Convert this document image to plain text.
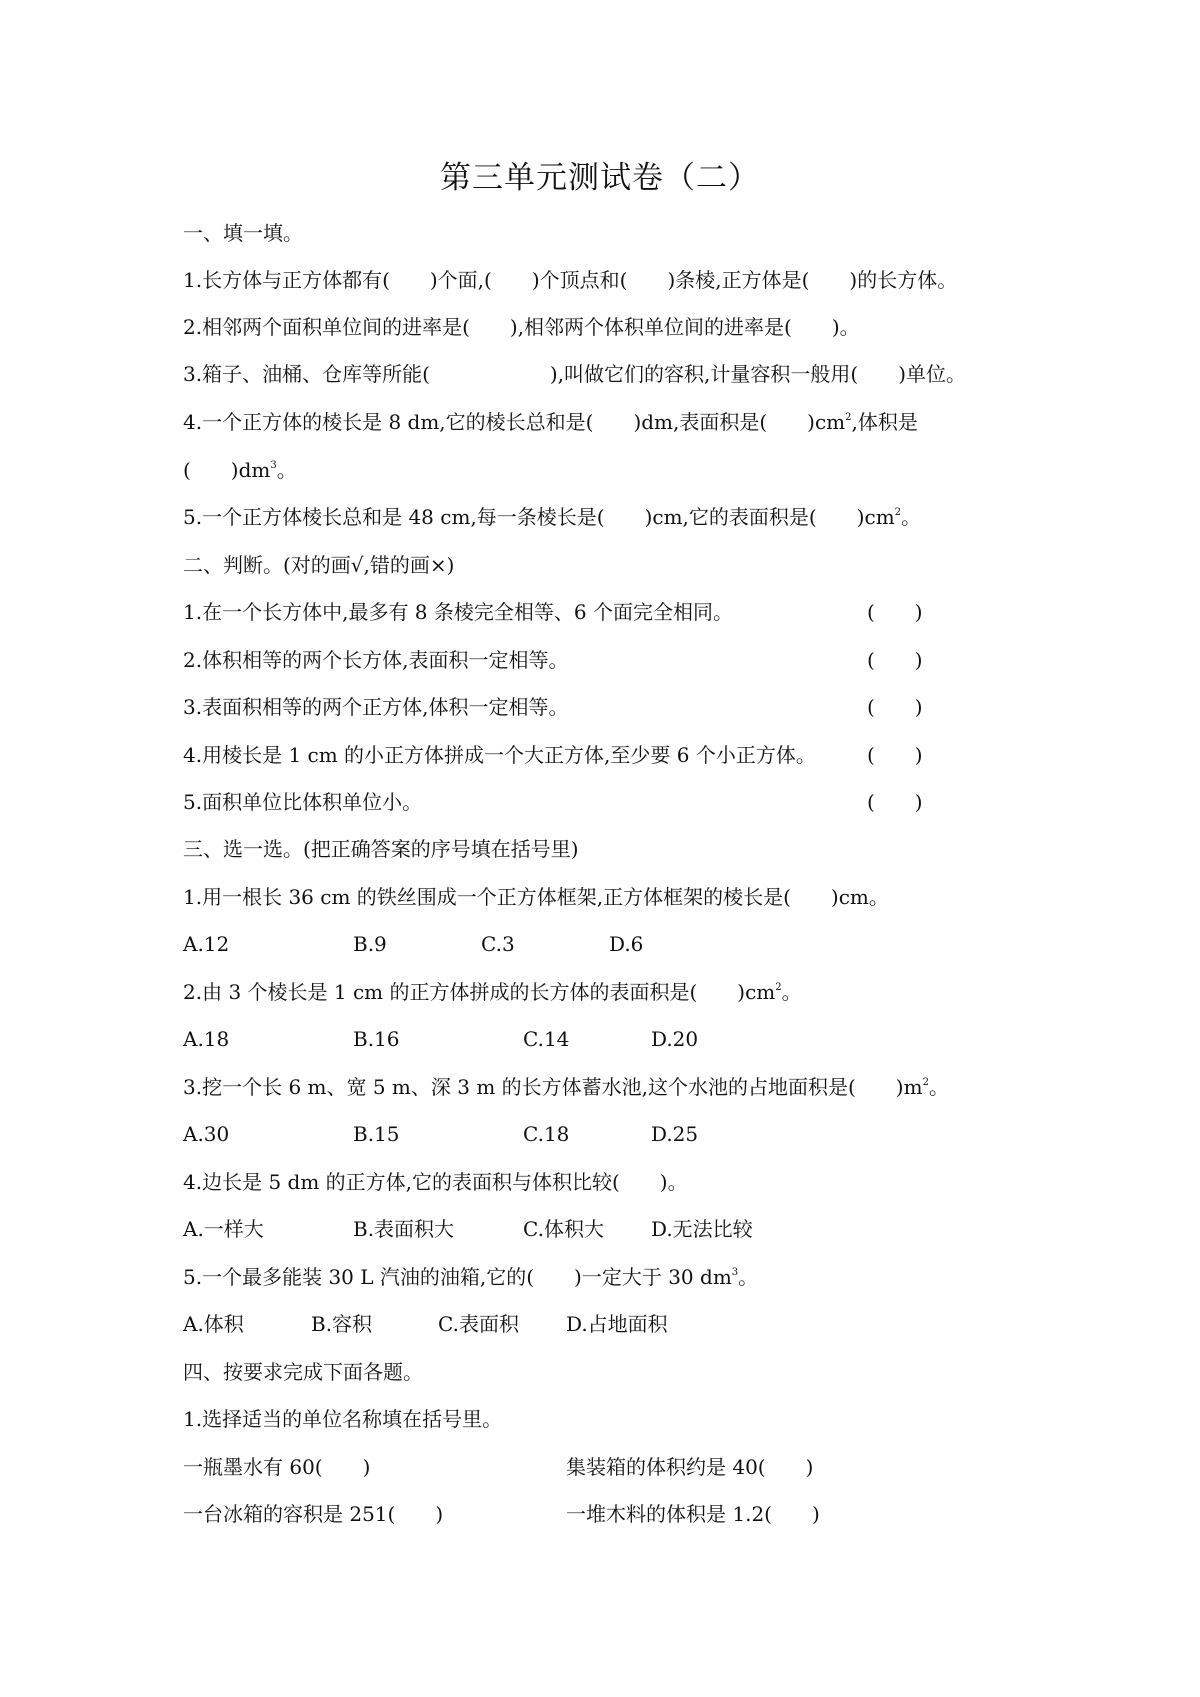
第三单元测试卷（二）
一、填一填。
1.长方体与正方体都有(　　)个面,(　　)个顶点和(　　)条棱,正方体是(　　)的长方体。
2.相邻两个面积单位间的进率是(　　),相邻两个体积单位间的进率是(　　)。
3.箱子、油桶、仓库等所能(　　　　　　),叫做它们的容积,计量容积一般用(　　)单位。
4.一个正方体的棱长是 8 dm,它的棱长总和是(　　)dm,表面积是(　　)$cm^2$,体积是
(　　)$dm^3$。
5.一个正方体棱长总和是 48 cm,每一条棱长是(　　)cm,它的表面积是(　　)$cm^2$。
二、判断。(对的画√,错的画×)
1.在一个长方体中,最多有 8 条棱完全相等、6 个面完全相同。	(　　)
2.体积相等的两个长方体,表面积一定相等。	(　　)
3.表面积相等的两个正方体,体积一定相等。	(　　)
4.用棱长是 1 cm 的小正方体拼成一个大正方体,至少要 6 个小正方体。	(　　)
5.面积单位比体积单位小。	(　　)
三、选一选。(把正确答案的序号填在括号里)
1.用一根长 36 cm 的铁丝围成一个正方体框架,正方体框架的棱长是(　　)cm。
A.12	B.9	C.3	D.6
2.由 3 个棱长是 1 cm 的正方体拼成的长方体的表面积是(　　)$cm^2$。
A.18	B.16	C.14	D.20
3.挖一个长 6 m、宽 5 m、深 3 m 的长方体蓄水池,这个水池的占地面积是(　　)$m^2$。
A.30	B.15	C.18	D.25
4.边长是 5 dm 的正方体,它的表面积与体积比较(　　)。
A.一样大	B.表面积大	C.体积大 D.无法比较
5.一个最多能装 30 L 汽油的油箱,它的(　　)一定大于 30 $dm^3$。
A.体积	B.容积	C.表面积 D.占地面积
四、按要求完成下面各题。
1.选择适当的单位名称填在括号里。
一瓶墨水有 60(　　)	集装箱的体积约是 40(　　)
一台冰箱的容积是 251(　　)	一堆木料的体积是 1.2(　　)
